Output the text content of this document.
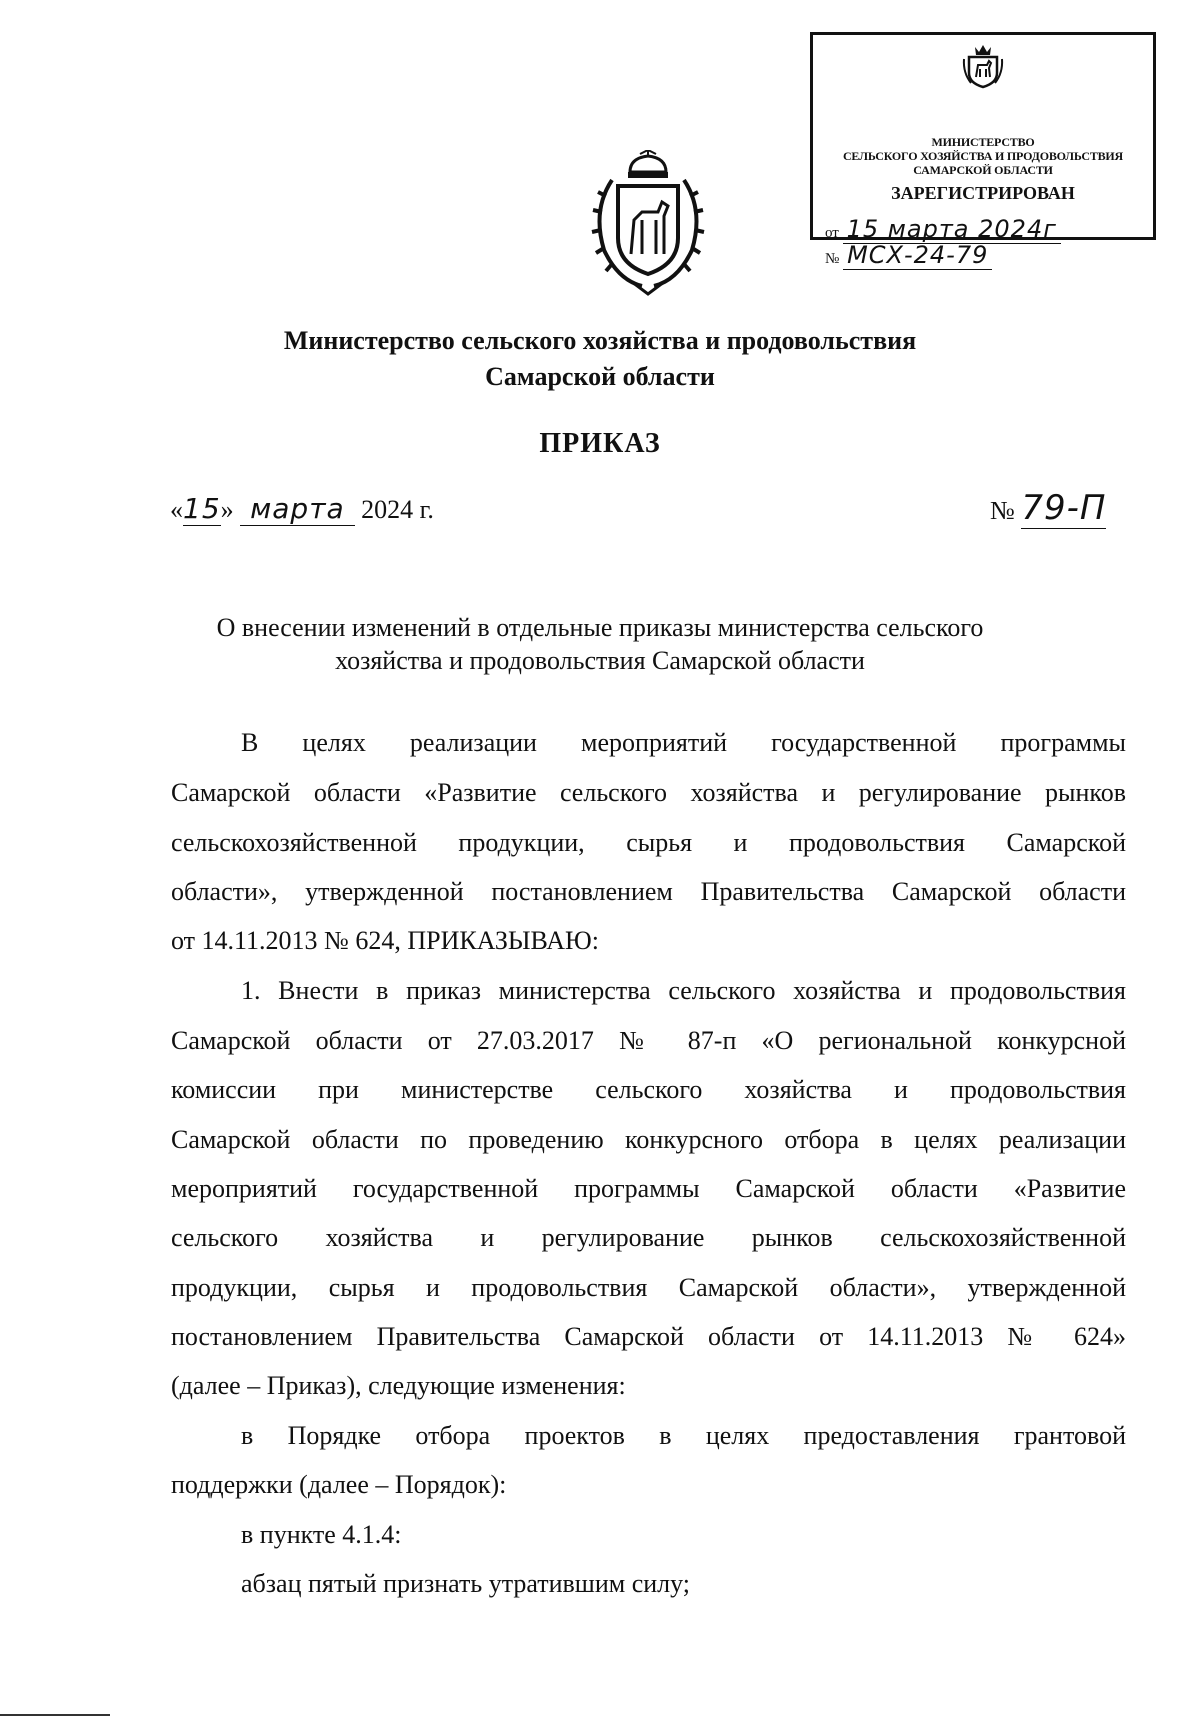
МИНИСТЕРСТВО
СЕЛЬСКОГО ХОЗЯЙСТВА И ПРОДОВОЛЬСТВИЯ
САМАРСКОЙ ОБЛАСТИ
ЗАРЕГИСТРИРОВАН
от 15 марта 2024г
№ МСХ-24-79
Министерство сельского хозяйства и продовольствия
Самарской области
ПРИКАЗ
«15» марта 2024 г.	№ 79-П
О внесении изменений в отдельные приказы министерства сельского
хозяйства и продовольствия Самарской области
В целях реализации мероприятий государственной программы
Самарской области «Развитие сельского хозяйства и регулирование рынков
сельскохозяйственной продукции, сырья и продовольствия Самарской
области», утвержденной постановлением Правительства Самарской области
от 14.11.2013 № 624, ПРИКАЗЫВАЮ:
1. Внести в приказ министерства сельского хозяйства и продовольствия
Самарской области от 27.03.2017 № 87-п «О региональной конкурсной
комиссии при министерстве сельского хозяйства и продовольствия
Самарской области по проведению конкурсного отбора в целях реализации
мероприятий государственной программы Самарской области «Развитие
сельского хозяйства и регулирование рынков сельскохозяйственной
продукции, сырья и продовольствия Самарской области», утвержденной
постановлением Правительства Самарской области от 14.11.2013 № 624»
(далее – Приказ), следующие изменения:
в Порядке отбора проектов в целях предоставления грантовой
поддержки (далее – Порядок):
в пункте 4.1.4:
абзац пятый признать утратившим силу;
